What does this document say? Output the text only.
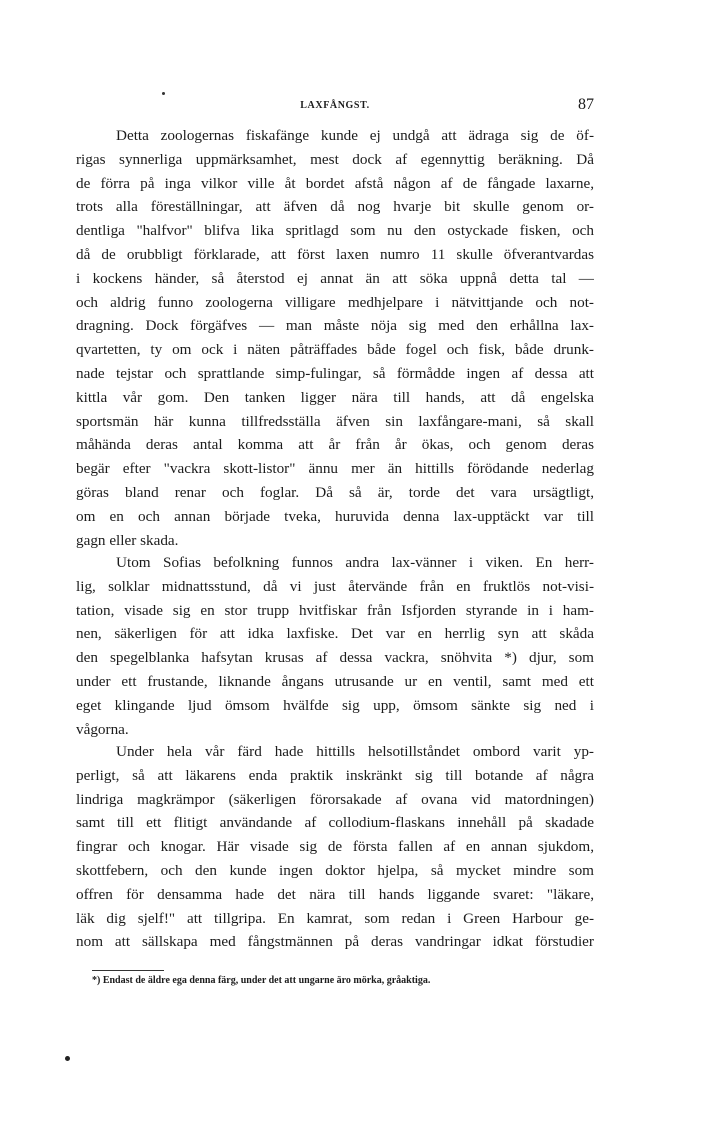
LAXFÅNGST.	87
Detta zoologernas fiskafänge kunde ej undgå att ädraga sig de öf-
rigas synnerliga uppmärksamhet, mest dock af egennyttig beräkning. Då
de förra på inga vilkor ville åt bordet afstå någon af de fångade laxarne,
trots alla föreställningar, att äfven då nog hvarje bit skulle genom or-
dentliga "halfvor" blifva lika spritlagd som nu den ostyckade fisken, och
då de orubbligt förklarade, att först laxen numro 11 skulle öfverantvardas
i kockens händer, så återstod ej annat än att söka uppnå detta tal —
och aldrig funno zoologerna villigare medhjelpare i nätvittjande och not-
dragning. Dock förgäfves — man måste nöja sig med den erhållna lax-
qvartetten, ty om ock i näten påträffades både fogel och fisk, både drunk-
nade tejstar och sprattlande simp-fulingar, så förmådde ingen af dessa att
kittla vår gom. Den tanken ligger nära till hands, att då engelska
sportsmän här kunna tillfredsställa äfven sin laxfångare-mani, så skall
måhända deras antal komma att år från år ökas, och genom deras
begär efter "vackra skott-listor" ännu mer än hittills förödande nederlag
göras bland renar och foglar. Då så är, torde det vara ursägtligt,
om en och annan började tveka, huruvida denna lax-upptäckt var till
gagn eller skada.
Utom Sofias befolkning funnos andra lax-vänner i viken. En herr-
lig, solklar midnattsstund, då vi just återvände från en fruktlös not-visi-
tation, visade sig en stor trupp hvitfiskar från Isfjorden styrande in i ham-
nen, säkerligen för att idka laxfiske. Det var en herrlig syn att skåda
den spegelblanka hafsytan krusas af dessa vackra, snöhvita *) djur, som
under ett frustande, liknande ångans utrusande ur en ventil, samt med ett
eget klingande ljud ömsom hvälfde sig upp, ömsom sänkte sig ned i
vågorna.
Under hela vår färd hade hittills helsotillståndet ombord varit yp-
perligt, så att läkarens enda praktik inskränkt sig till botande af några
lindriga magkrämpor (säkerligen förorsakade af ovana vid matordningen)
samt till ett flitigt användande af collodium-flaskans innehåll på skadade
fingrar och knogar. Här visade sig de första fallen af en annan sjukdom,
skottfebern, och den kunde ingen doktor hjelpa, så mycket mindre som
offren för densamma hade det nära till hands liggande svaret: "läkare,
läk dig sjelf!" att tillgripa. En kamrat, som redan i Green Harbour ge-
nom att sällskapa med fångstmännen på deras vandringar idkat förstudier
*) Endast de äldre ega denna färg, under det att ungarne äro mörka, gråaktiga.
